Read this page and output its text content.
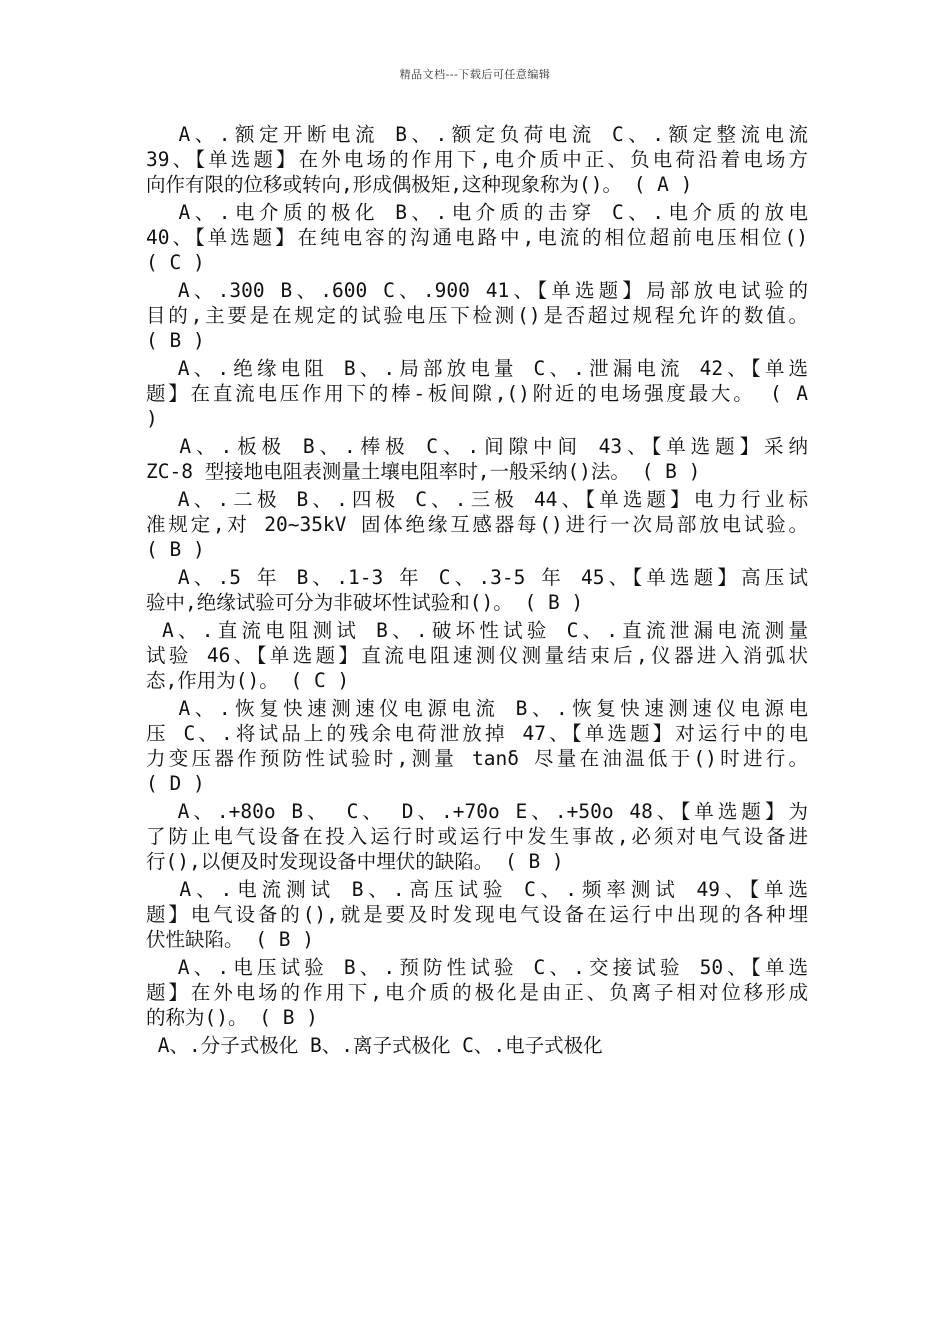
精品文档---下载后可任意编辑
A、.额定开断电流 B、.额定负荷电流 C、.额定整流电流
39、【单选题】在外电场的作用下,电介质中正、负电荷沿着电场方
向作有限的位移或转向,形成偶极矩,这种现象称为()。 ( A )
A、.电介质的极化 B、.电介质的击穿 C、.电介质的放电
40、【单选题】在纯电容的沟通电路中,电流的相位超前电压相位()
( C )
A、.300 B、.600 C、.900 41、【单选题】局部放电试验的
目的,主要是在规定的试验电压下检测()是否超过规程允许的数值。
( B )
A、.绝缘电阻 B、.局部放电量 C、.泄漏电流 42、【单选
题】在直流电压作用下的棒-板间隙,()附近的电场强度最大。 ( A
)
A、.板极 B、.棒极 C、.间隙中间 43、【单选题】采纳
ZC-8 型接地电阻表测量土壤电阻率时,一般采纳()法。 ( B )
A、.二极 B、.四极 C、.三极 44、【单选题】电力行业标
准规定,对 20~35kV 固体绝缘互感器每()进行一次局部放电试验。
( B )
A、.5 年 B、.1-3 年 C、.3-5 年 45、【单选题】高压试
验中,绝缘试验可分为非破坏性试验和()。 ( B )
A、.直流电阻测试 B、.破坏性试验 C、.直流泄漏电流测量
试验 46、【单选题】直流电阻速测仪测量结束后,仪器进入消弧状
态,作用为()。 ( C )
A、.恢复快速测速仪电源电流 B、.恢复快速测速仪电源电
压 C、.将试品上的残余电荷泄放掉 47、【单选题】对运行中的电
力变压器作预防性试验时,测量 tanδ 尽量在油温低于()时进行。
( D )
A、.+80o B、 C、 D、.+70o E、.+50o 48、【单选题】为
了防止电气设备在投入运行时或运行中发生事故,必须对电气设备进
行(),以便及时发现设备中埋伏的缺陷。 ( B )
A、.电流测试 B、.高压试验 C、.频率测试 49、【单选
题】电气设备的(),就是要及时发现电气设备在运行中出现的各种埋
伏性缺陷。 ( B )
A、.电压试验 B、.预防性试验 C、.交接试验 50、【单选
题】在外电场的作用下,电介质的极化是由正、负离子相对位移形成
的称为()。 ( B )
A、.分子式极化 B、.离子式极化 C、.电子式极化
